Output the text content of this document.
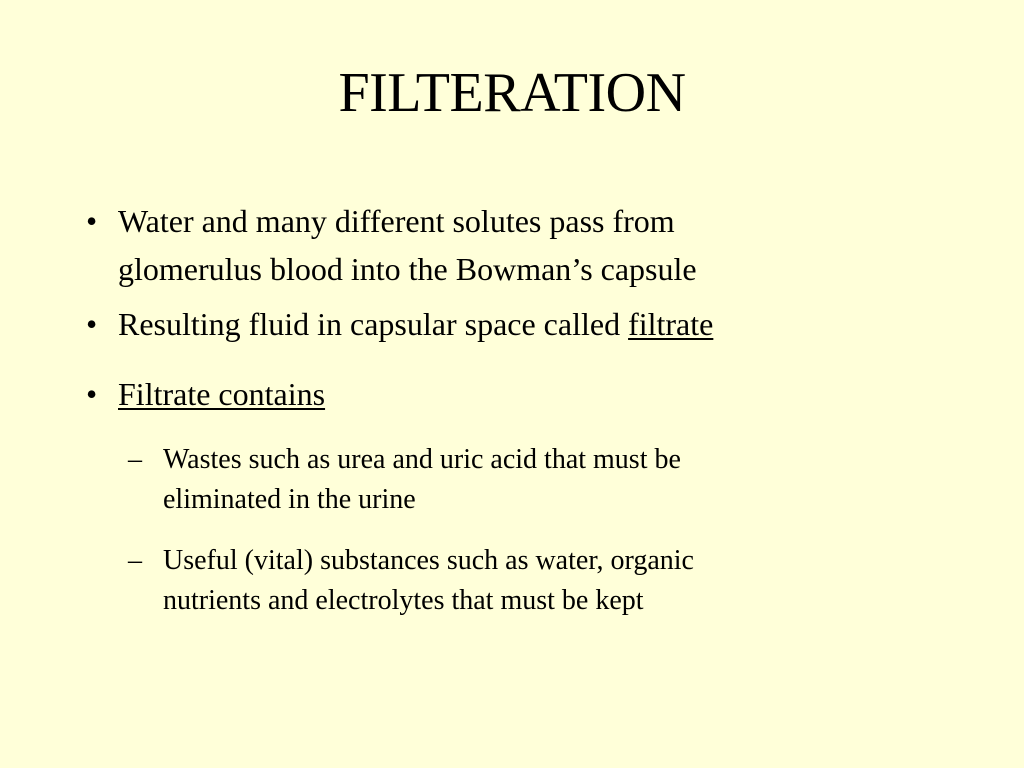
FILTERATION
• Water and many different solutes pass from
glomerulus blood into the Bowman’s capsule
• Resulting fluid in capsular space called filtrate
• Filtrate contains
– Wastes such as urea and uric acid that must be
eliminated in the urine
– Useful (vital) substances such as water, organic
nutrients and electrolytes that must be kept
